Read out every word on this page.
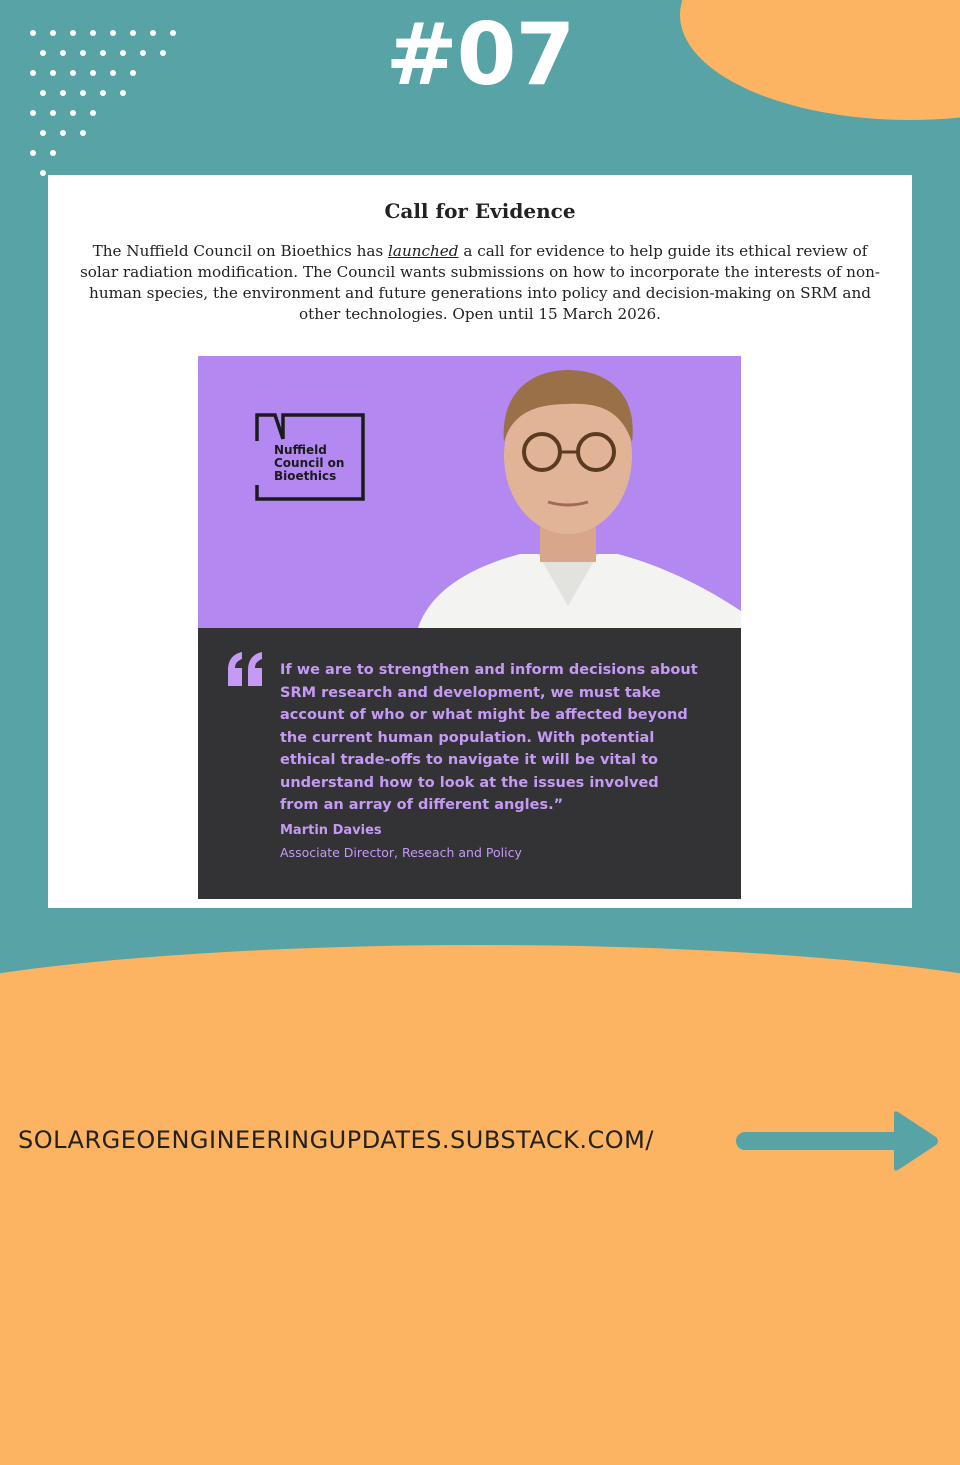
#07
Call for Evidence
The Nuffield Council on Bioethics has launched a call for evidence to help guide its ethical review of solar radiation modification. The Council wants submissions on how to incorporate the interests of non-human species, the environment and future generations into policy and decision-making on SRM and other technologies. Open until 15 March 2026.
Nuffield
Council on
Bioethics
If we are to strengthen and inform decisions about SRM research and development, we must take account of who or what might be affected beyond the current human population. With potential ethical trade-offs to navigate it will be vital to understand how to look at the issues involved from an array of different angles.”
Martin Davies
Associate Director, Reseach and Policy
SOLARGEOENGINEERINGUPDATES.SUBSTACK.COM/
